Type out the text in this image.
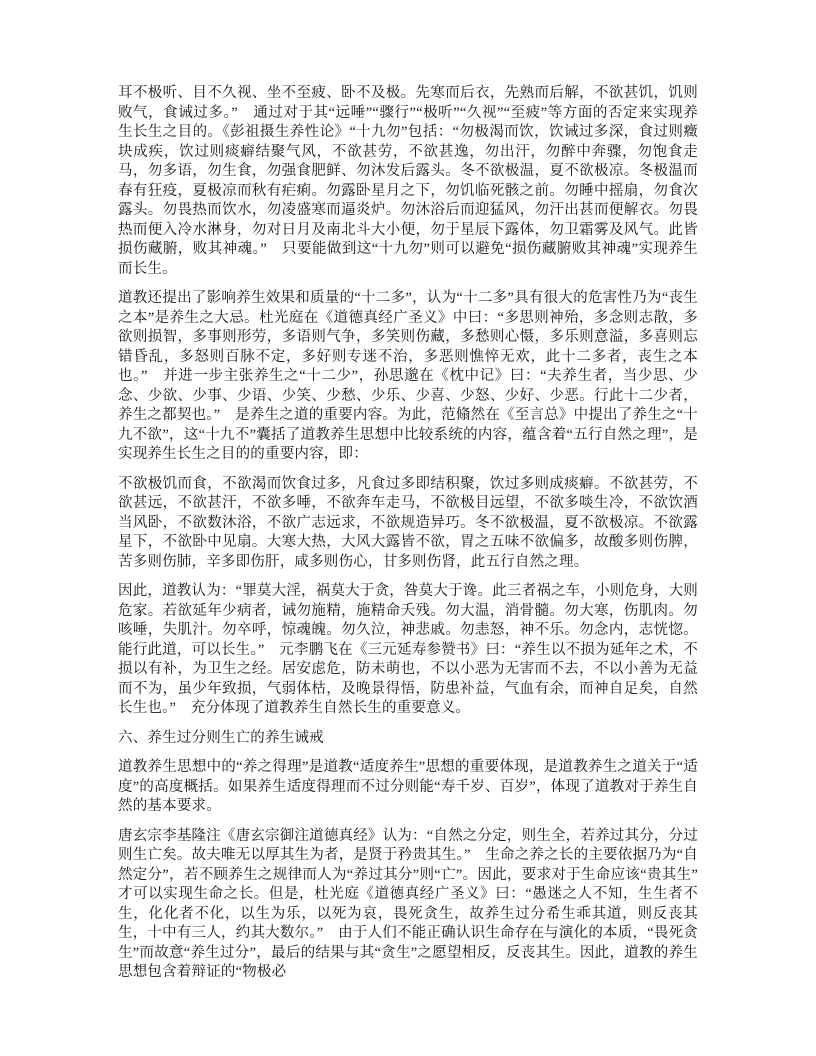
耳不极听、目不久视、坐不至疲、卧不及极。先寒而后衣，先熟而后解，不欲甚饥，饥则败气，食诫过多。”　通过对于其“远唾”“骤行”“极听”“久视”“至疲”等方面的否定来实现养生长生之目的。《彭祖摄生养性论》“十九勿”包括：“勿极渴而饮，饮诫过多深，食过则癥块成疾，饮过则痰癖结聚气风，不欲甚劳，不欲甚逸，勿出汗，勿醉中奔骤，勿饱食走马，勿多语，勿生食，勿强食肥鲜、勿沐发后露头。冬不欲极温，夏不欲极凉。冬极温而春有狂疫，夏极凉而秋有疟痢。勿露卧星月之下，勿饥临死骸之前。勿睡中摇扇，勿食次露头。勿畏热而饮水，勿凌盛寒而逼炎炉。勿沐浴后而迎猛风，勿汗出甚而便解衣。勿畏热而便入冷水淋身，勿对日月及南北斗大小便，勿于星辰下露体，勿卫霜雾及风气。此皆损伤藏腑，败其神魂。”　只要能做到这“十九勿”则可以避免“损伤藏腑败其神魂”实现养生而长生。

道教还提出了影响养生效果和质量的“十二多”，认为“十二多”具有很大的危害性乃为“丧生之本”是养生之大忌。杜光庭在《道德真经广圣义》中曰：“多思则神殆，多念则志散，多欲则损智，多事则形劳，多语则气争，多笑则伤藏，多愁则心慑，多乐则意溢，多喜则忘错昏乱，多怒则百脉不定，多好则专迷不治，多恶则憔悴无欢，此十二多者，丧生之本也。”　并进一步主张养生之“十二少”，孙思邈在《枕中记》曰：“夫养生者，当少思、少念、少欲、少事、少语、少笑、少愁、少乐、少喜、少怒、少好、少恶。行此十二少者，养生之都契也。”　是养生之道的重要内容。为此，范翛然在《至言总》中提出了养生之“十九不欲”，这“十九不”囊括了道教养生思想中比较系统的内容，蕴含着“五行自然之理”，是实现养生长生之目的的重要内容，即：

不欲极饥而食，不欲渴而饮食过多，凡食过多即结积聚，饮过多则成痰癖。不欲甚劳，不欲甚远，不欲甚汗，不欲多唾，不欲奔车走马，不欲极目远望，不欲多啖生冷，不欲饮酒当风卧，不欲数沐浴，不欲广志远求，不欲规造异巧。冬不欲极温，夏不欲极凉。不欲露星下，不欲卧中见扇。大寒大热，大风大露皆不欲，胃之五味不欲偏多，故酸多则伤脾，苦多则伤肺，辛多即伤肝，咸多则伤心，甘多则伤肾，此五行自然之理。

因此，道教认为：“罪莫大淫，祸莫大于贪，咎莫大于谗。此三者祸之车，小则危身，大则危家。若欲延年少病者，诫勿施精，施精命夭残。勿大温，消骨髓。勿大寒，伤肌肉。勿咳唾，失肌汁。勿卒呼，惊魂魄。勿久泣，神悲戚。勿恚怒，神不乐。勿念内，志恍惚。能行此道，可以长生。”　元李鹏飞在《三元延寿参赞书》曰：“养生以不损为延年之术，不损以有补，为卫生之经。居安虑危，防未萌也，不以小恶为无害而不去，不以小善为无益而不为，虽少年致损，气弱体枯，及晚景得悟，防患补益，气血有余，而神自足矣，自然长生也。”　充分体现了道教养生自然长生的重要意义。

六、养生过分则生亡的养生诫戒

道教养生思想中的“养之得理”是道教“适度养生”思想的重要体现，是道教养生之道关于“适度”的高度概括。如果养生适度得理而不过分则能“寿千岁、百岁”，体现了道教对于养生自然的基本要求。

唐玄宗李基隆注《唐玄宗御注道德真经》认为：“自然之分定，则生全，若养过其分，分过则生亡矣。故夫唯无以厚其生为者，是贤于矜贵其生。”　生命之养之长的主要依据乃为“自然定分”，若不顾养生之规律而人为“养过其分”则“亡”。因此，要求对于生命应该“贵其生”才可以实现生命之长。但是，杜光庭《道德真经广圣义》曰：“愚迷之人不知，生生者不生，化化者不化，以生为乐，以死为哀，畏死贪生，故养生过分希生乖其道，则反丧其生，十中有三人，约其大数尔。”　由于人们不能正确认识生命存在与演化的本质，“畏死贪生”而故意“养生过分”，最后的结果与其“贪生”之愿望相反，反丧其生。因此，道教的养生思想包含着辩证的“物极必
